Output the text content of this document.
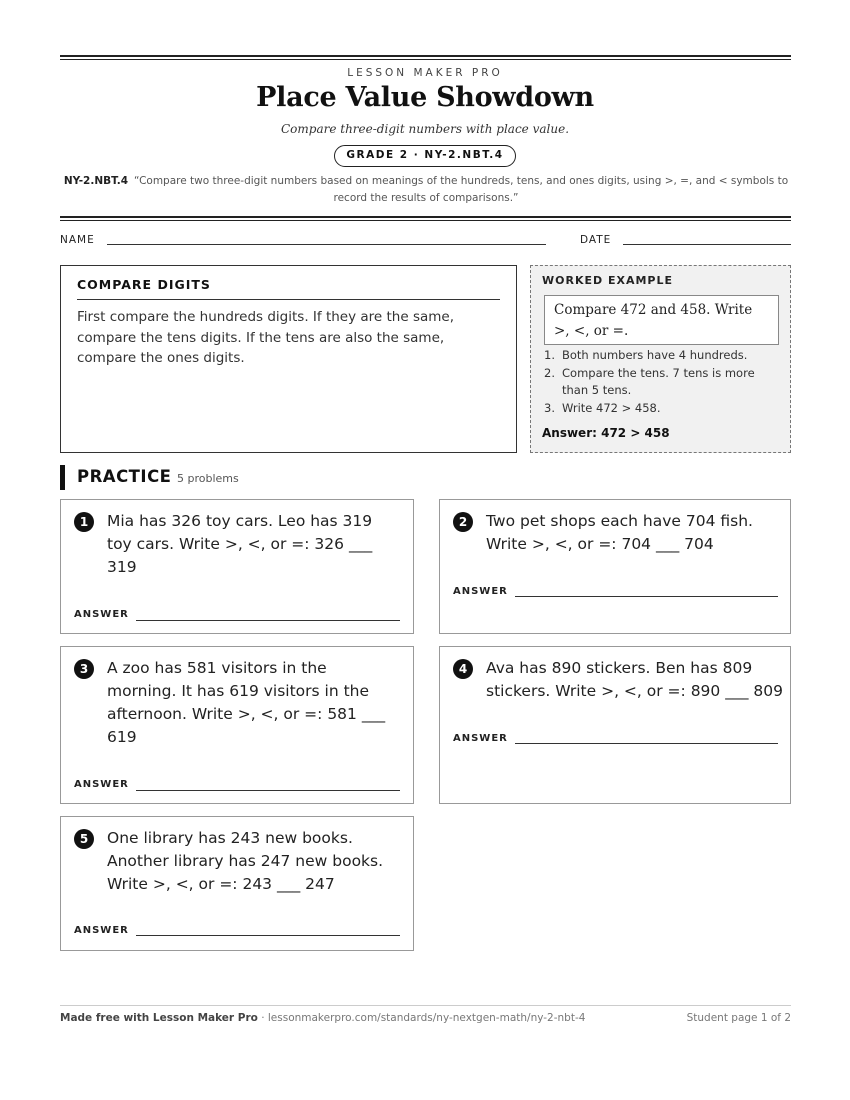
LESSON MAKER PRO
Place Value Showdown
Compare three-digit numbers with place value.
GRADE 2 · NY-2.NBT.4
NY-2.NBT.4 “Compare two three-digit numbers based on meanings of the hundreds, tens, and ones digits, using >, =, and < symbols to record the results of comparisons.”
NAME	DATE
COMPARE DIGITS
First compare the hundreds digits. If they are the same, compare the tens digits. If the tens are also the same, compare the ones digits.
WORKED EXAMPLE
Compare 472 and 458. Write >, <, or =.
1. Both numbers have 4 hundreds.
2. Compare the tens. 7 tens is more than 5 tens.
3. Write 472 > 458.
Answer: 472 > 458
PRACTICE 5 problems
1	Mia has 326 toy cars. Leo has 319
toy cars. Write >, <, or =: 326 ___
319
ANSWER
2	Two pet shops each have 704 fish.
Write >, <, or =: 704 ___ 704
ANSWER
3	A zoo has 581 visitors in the
morning. It has 619 visitors in the
afternoon. Write >, <, or =: 581 ___
619
ANSWER
4	Ava has 890 stickers. Ben has 809
stickers. Write >, <, or =: 890 ___ 809
ANSWER
5	One library has 243 new books.
Another library has 247 new books.
Write >, <, or =: 243 ___ 247
ANSWER
Made free with Lesson Maker Pro · lessonmakerpro.com/standards/ny-nextgen-math/ny-2-nbt-4	Student page 1 of 2
